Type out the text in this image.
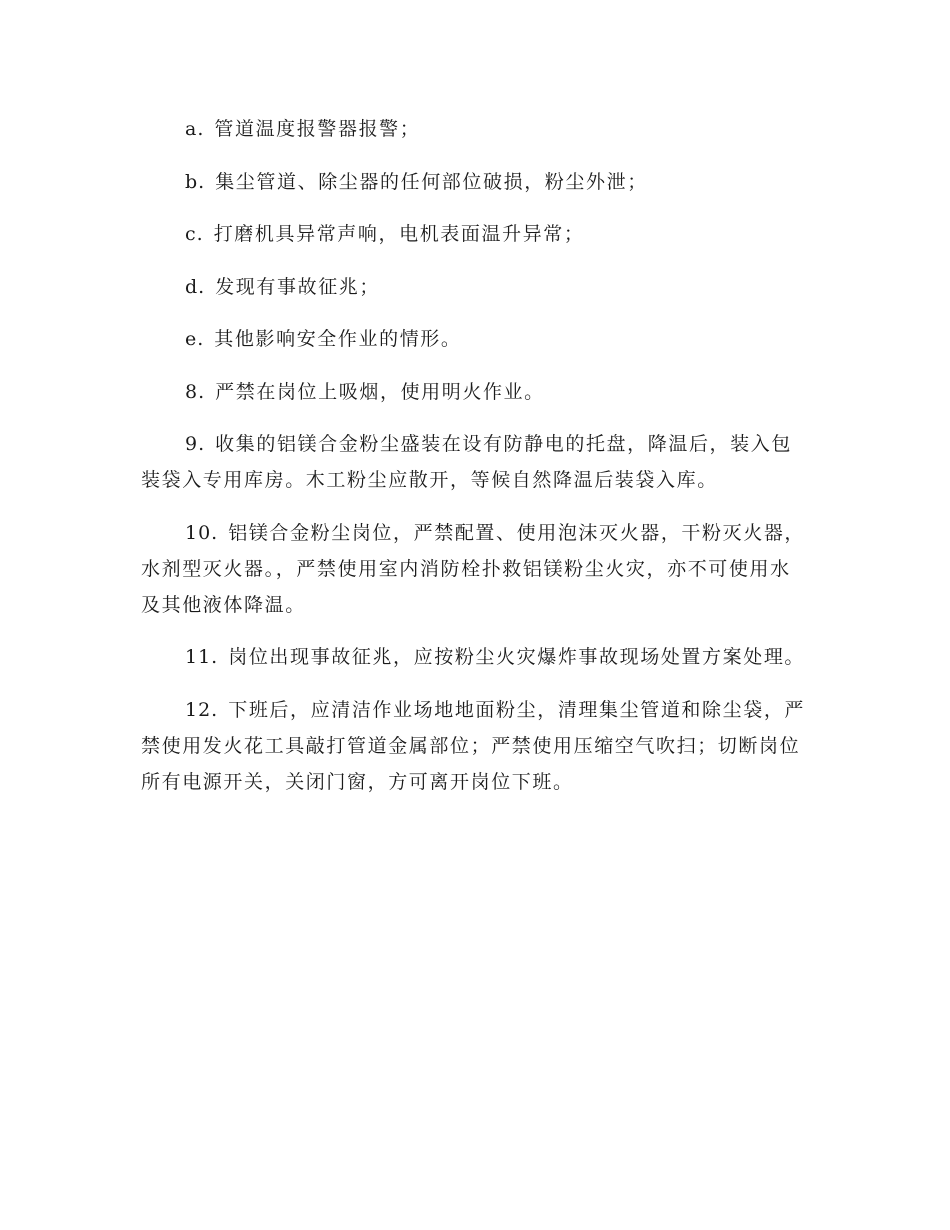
a. 管道温度报警器报警；

b. 集尘管道、除尘器的任何部位破损，粉尘外泄；

c. 打磨机具异常声响，电机表面温升异常；

d. 发现有事故征兆；

e. 其他影响安全作业的情形。

8. 严禁在岗位上吸烟，使用明火作业。

9. 收集的铝镁合金粉尘盛装在设有防静电的托盘，降温后，装入包装袋入专用库房。木工粉尘应散开，等候自然降温后装袋入库。

10. 铝镁合金粉尘岗位，严禁配置、使用泡沫灭火器，干粉灭火器，水剂型灭火器。，严禁使用室内消防栓扑救铝镁粉尘火灾，亦不可使用水及其他液体降温。

11. 岗位出现事故征兆，应按粉尘火灾爆炸事故现场处置方案处理。

12. 下班后，应清洁作业场地地面粉尘，清理集尘管道和除尘袋，严禁使用发火花工具敲打管道金属部位；严禁使用压缩空气吹扫；切断岗位所有电源开关，关闭门窗，方可离开岗位下班。
